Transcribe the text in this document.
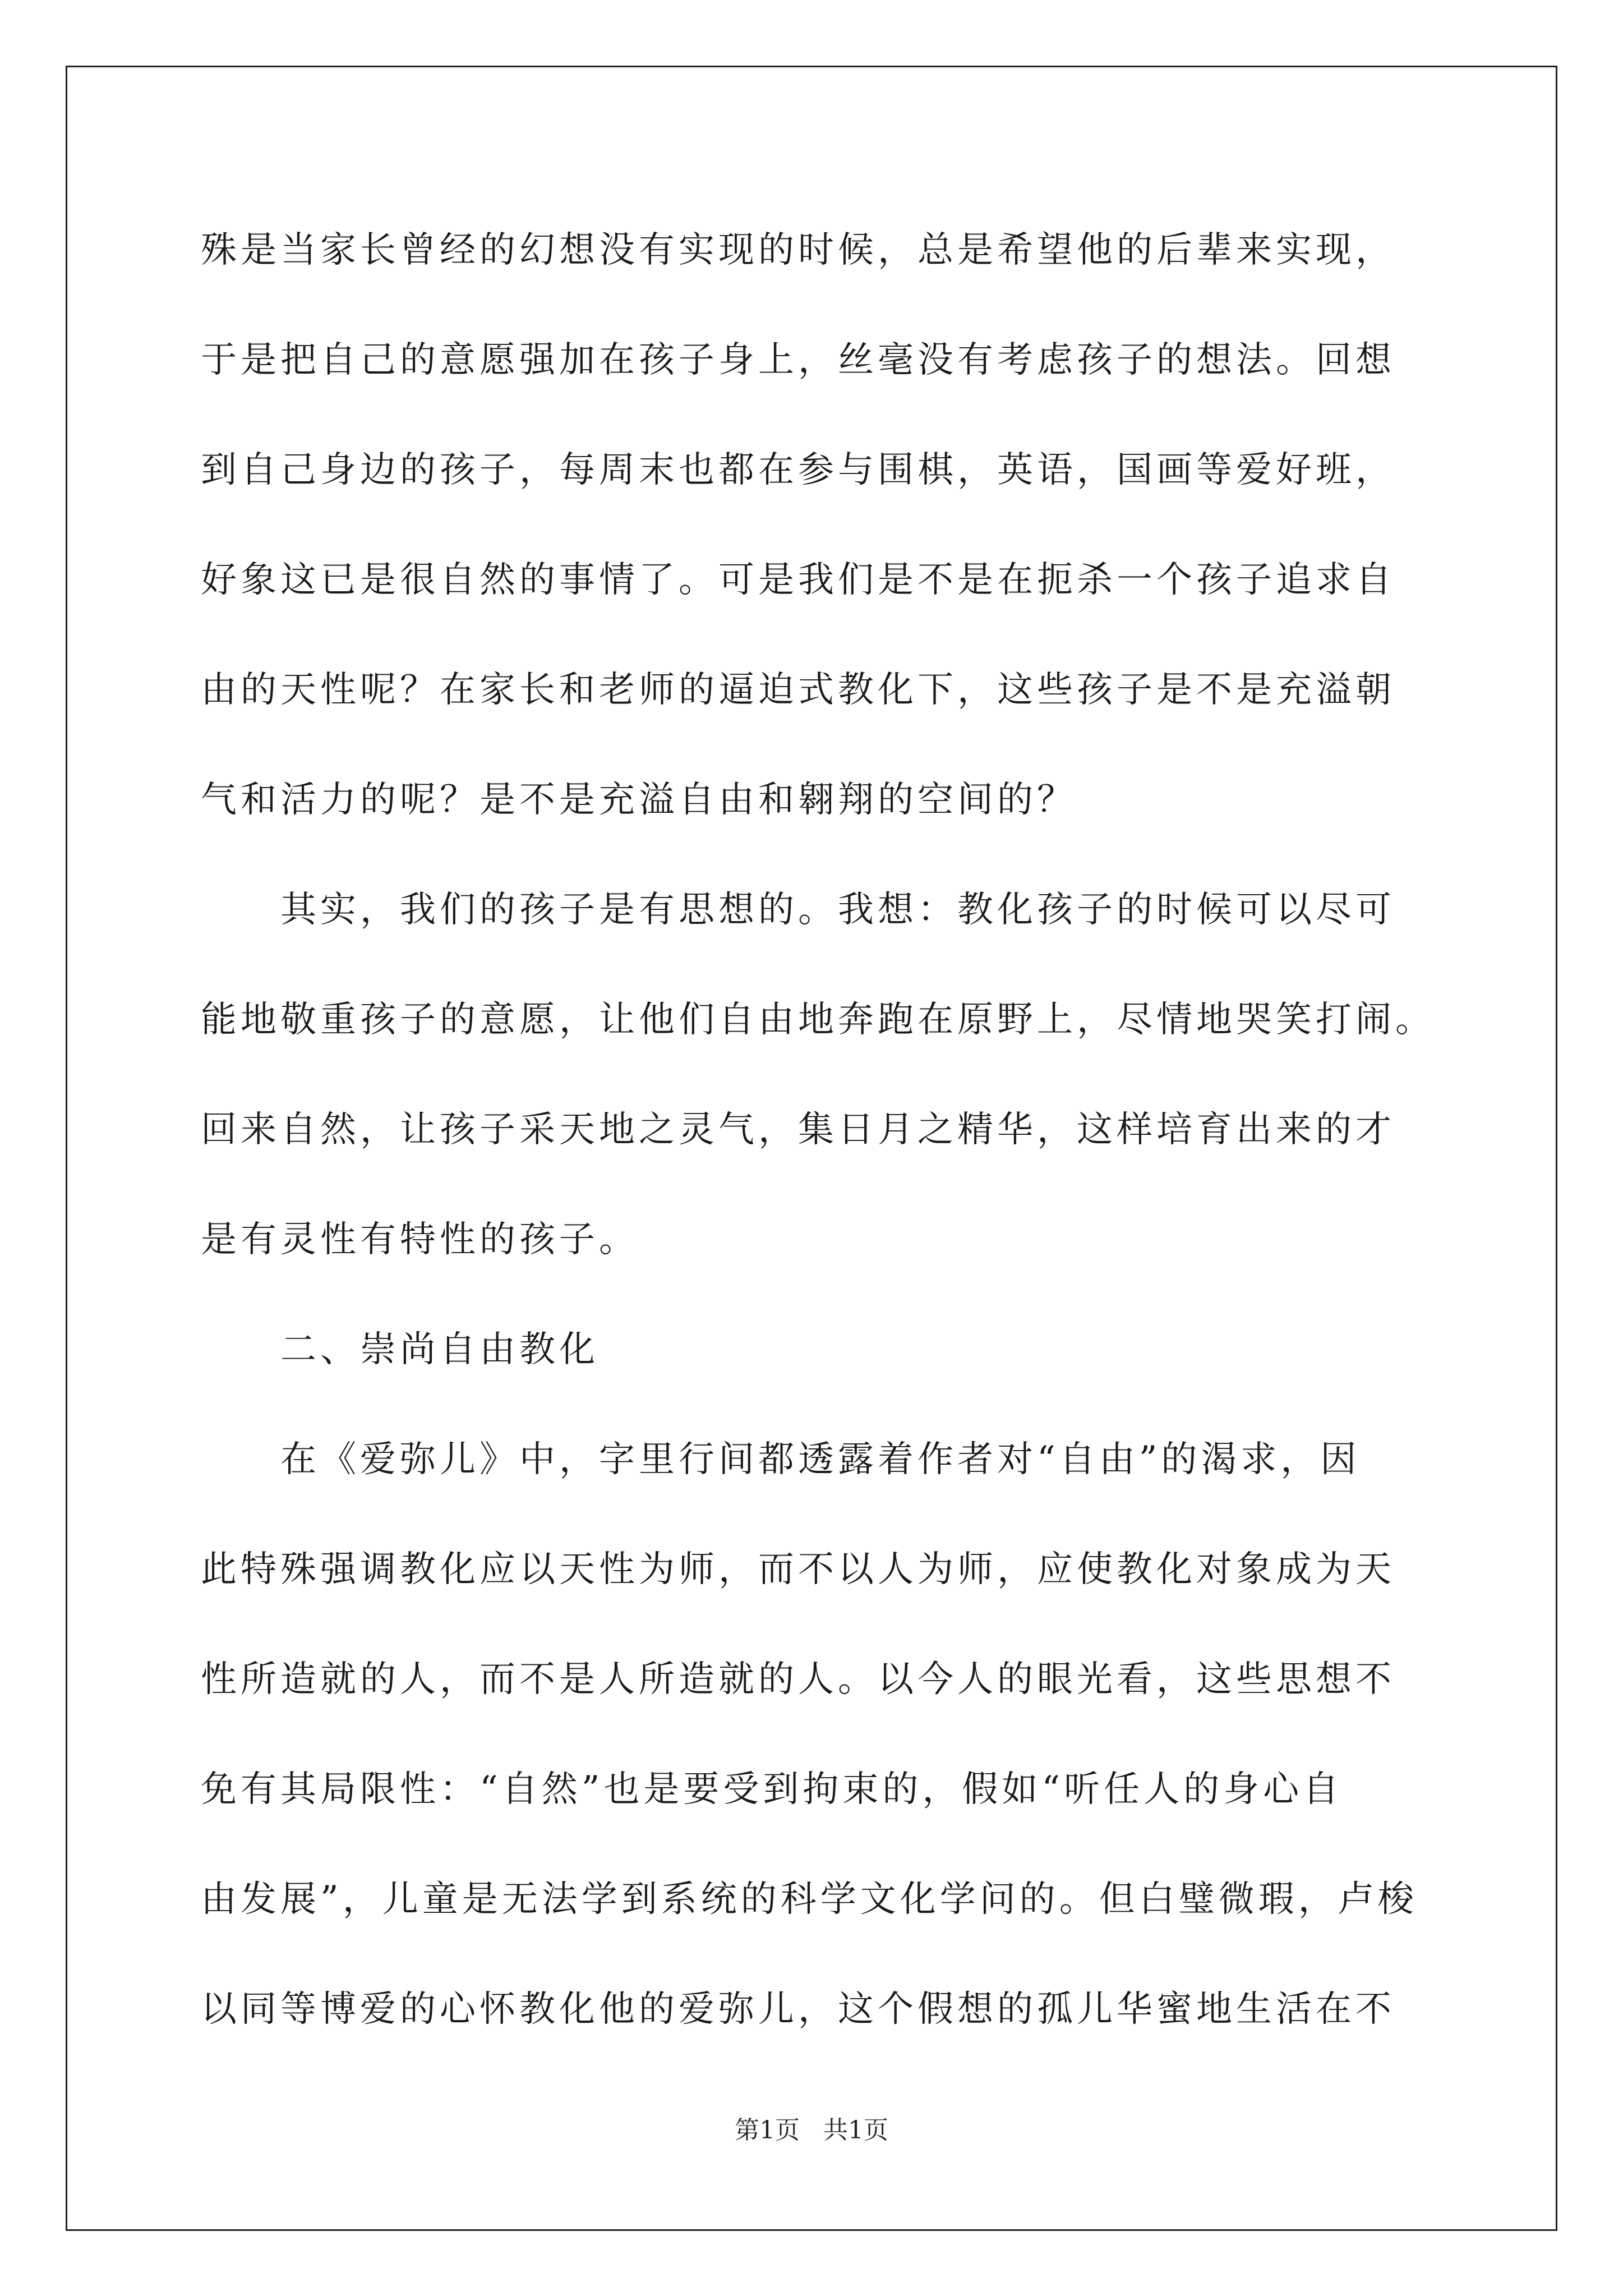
殊是当家长曾经的幻想没有实现的时候，总是希望他的后辈来实现，
于是把自己的意愿强加在孩子身上，丝毫没有考虑孩子的想法。回想
到自己身边的孩子，每周末也都在参与围棋，英语，国画等爱好班，
好象这已是很自然的事情了。可是我们是不是在扼杀一个孩子追求自
由的天性呢？在家长和老师的逼迫式教化下，这些孩子是不是充溢朝
气和活力的呢？是不是充溢自由和翱翔的空间的？
　　其实，我们的孩子是有思想的。我想：教化孩子的时候可以尽可
能地敬重孩子的意愿，让他们自由地奔跑在原野上，尽情地哭笑打闹。
回来自然，让孩子采天地之灵气，集日月之精华，这样培育出来的才
是有灵性有特性的孩子。
　　二、崇尚自由教化
　　在《爱弥儿》中，字里行间都透露着作者对“自由”的渴求，因
此特殊强调教化应以天性为师，而不以人为师，应使教化对象成为天
性所造就的人，而不是人所造就的人。以今人的眼光看，这些思想不
免有其局限性：“自然”也是要受到拘束的，假如“听任人的身心自
由发展”，儿童是无法学到系统的科学文化学问的。但白璧微瑕，卢梭
以同等博爱的心怀教化他的爱弥儿，这个假想的孤儿华蜜地生活在不
第1页 共1页
